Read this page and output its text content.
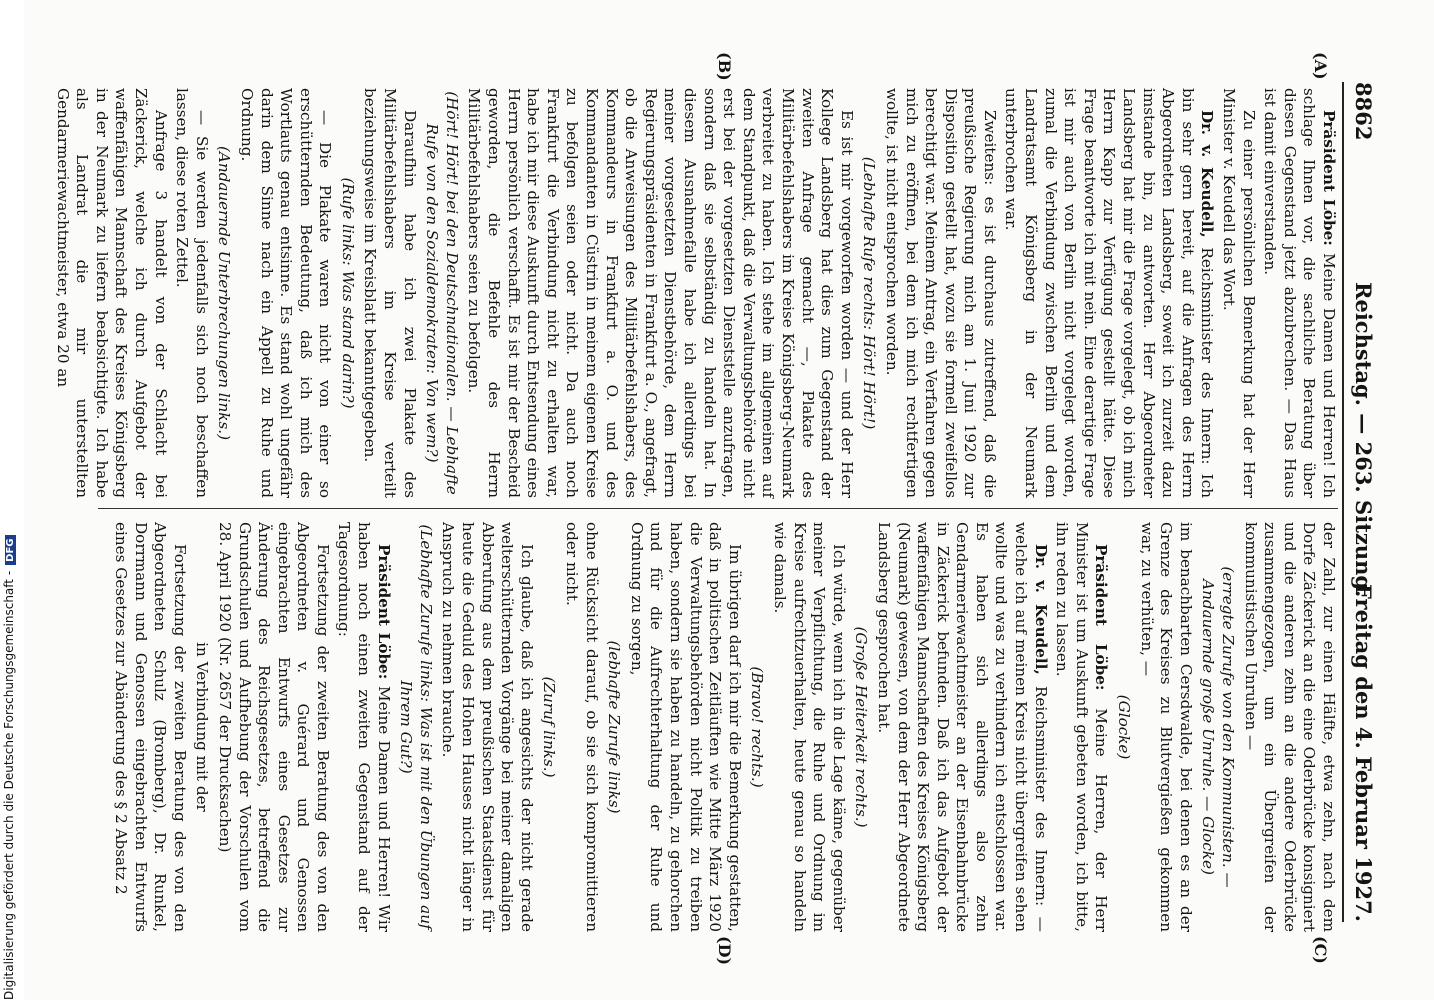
8862
Reichstag. — 263. Sitzung.
Freitag den 4. Februar 1927.
(A)
(B)
(C)
(D)

Präsident Löbe: Meine Damen und Herren! Ich schlage Ihnen vor, die sachliche Beratung über diesen Gegenstand jetzt abzubrechen. — Das Haus ist damit einverstanden.

Zu einer persönlichen Bemerkung hat der Herr Minister v. Keudell das Wort.

Dr. v. Keudell, Reichsminister des Innern: Ich bin sehr gern bereit, auf die Anfragen des Herrn Abgeordneten Landsberg, soweit ich zurzeit dazu imstande bin, zu antworten. Herr Abgeordneter Landsberg hat mir die Frage vorgelegt, ob ich mich Herrn Kapp zur Verfügung gestellt hätte. Diese Frage beantworte ich mit nein. Eine derartige Frage ist mir auch von Berlin nicht vorgelegt worden, zumal die Verbindung zwischen Berlin und dem Landratsamt Königsberg in der Neumark unterbrochen war.

Zweitens: es ist durchaus zutreffend, daß die preußische Regierung mich am 1. Juni 1920 zur Disposition gestellt hat, wozu sie formell zweifellos berechtigt war. Meinem Antrag, ein Verfahren gegen mich zu eröffnen, bei dem ich mich rechtfertigen wollte, ist nicht entsprochen worden.

(Lebhafte Rufe rechts: Hört! Hört!)

Es ist mir vorgeworfen worden — und der Herr Kollege Landsberg hat dies zum Gegenstand der zweiten Anfrage gemacht —, Plakate des Militärbefehlshabers im Kreise Königsberg-Neumark verbreitet zu haben. Ich stehe im allgemeinen auf dem Standpunkt, daß die Verwaltungsbehörde nicht erst bei der vorgesetzten Dienststelle anzufragen, sondern daß sie selbständig zu handeln hat. In diesem Ausnahmefalle habe ich allerdings bei meiner vorgesetzten Dienstbehörde, dem Herrn Regierungspräsidenten in Frankfurt a. O., angefragt, ob die Anweisungen des Militärbefehlshabers, des Kommandeurs in Frankfurt a. O. und des Kommandanten in Cüstrin in meinem eigenen Kreise zu befolgen seien oder nicht. Da auch noch Frankfurt die Verbindung nicht zu erhalten war, habe ich mir diese Auskunft durch Entsendung eines Herrn persönlich verschafft. Es ist mir der Bescheid geworden, die Befehle des Herrn Militärbefehlshabers seien zu befolgen.

(Hört! Hört! bei den Deutschnationalen. — Lebhafte Rufe von den Sozialdemokraten: Von wem?)

Daraufhin habe ich zwei Plakate des Militärbefehlshabers im Kreise verteilt beziehungsweise im Kreisblatt bekanntgegeben.

(Rufe links: Was stand darin?)

— Die Plakate waren nicht von einer so erschütternden Bedeutung, daß ich mich des Wortlauts genau entsinne. Es stand wohl ungefähr darin dem Sinne nach ein Appell zu Ruhe und Ordnung.

(Andauernde Unterbrechungen links.)

— Sie werden jedenfalls sich noch beschaffen lassen, diese roten Zettel.

Anfrage 3 handelt von der Schlacht bei Zäckerick, welche ich durch Aufgebot der waffenfähigen Mannschaft des Kreises Königsberg in der Neumark zu liefern beabsichtigte. Ich habe als Landrat die mir unterstellten Gendarmeriewachtmeister, etwa 20 an

der Zahl, zur einen Hälfte, etwa zehn, nach dem Dorfe Zäckerick an die eine Oderbrücke konsigniert und die anderen zehn an die andere Oderbrücke zusammengezogen, um ein Übergreifen der kommunistischen Unruhen —

(erregte Zurufe von den Kommunisten. — Andauernde große Unruhe. — Glocke)

im benachbarten Cersdwalde, bei denen es an der Grenze des Kreises zu Blutvergießen gekommen war, zu verhüten, —

(Glocke)

Präsident Löbe: Meine Herren, der Herr Minister ist um Auskunft gebeten worden, ich bitte, ihn reden zu lassen.

Dr. v. Keudell, Reichsminister des Innern: — welche ich auf meinen Kreis nicht übergreifen sehen wollte und was zu verhindern ich entschlossen war. Es haben sich allerdings also zehn Gendarmeriewachtmeister an der Eisenbahnbrücke in Zäckerick befunden. Daß ich das Aufgebot der waffenfähigen Mannschaften des Kreises Königsberg (Neumark) gewesen, von dem der Herr Abgeordnete Landsberg gesprochen hat.

(Große Heiterkeit rechts.)

Ich würde, wenn ich in die Lage käme, gegenüber meiner Verpflichtung, die Ruhe und Ordnung im Kreise aufrechtzuerhalten, heute genau so handeln wie damals.

(Bravo! rechts.)

Im übrigen darf ich mir die Bemerkung gestatten, daß in politischen Zeitläuften wie Mitte März 1920 die Verwaltungsbehörden nicht Politik zu treiben haben, sondern sie haben zu handeln, zu gehorchen und für die Aufrechterhaltung der Ruhe und Ordnung zu sorgen,

(lebhafte Zurufe links)

ohne Rücksicht darauf, ob sie sich kompromittieren oder nicht.

(Zuruf links.)

Ich glaube, daß ich angesichts der nicht gerade welterschütternden Vorgänge bei meiner damaligen Abberufung aus dem preußischen Staatsdienst für heute die Geduld des Hohen Hauses nicht länger in Anspruch zu nehmen brauche.

(Lebhafte Zurufe links: Was ist mit den Übungen auf Ihrem Gut?)

Präsident Löbe: Meine Damen und Herren! Wir haben noch einen zweiten Gegenstand auf der Tagesordnung:

Fortsetzung der zweiten Beratung des von den Abgeordneten v. Guérard und Genossen eingebrachten Entwurfs eines Gesetzes zur Änderung des Reichsgesetzes, betreffend die Grundschulen und Aufhebung der Vorschulen vom 28. April 1920 (Nr. 2657 der Drucksachen)

in Verbindung mit der

Fortsetzung der zweiten Beratung des von den Abgeordneten Schulz (Bromberg), Dr. Runkel, Dorrmann und Genossen eingebrachten Entwurfs eines Gesetzes zur Abänderung des § 2 Absatz 2

Digitalisierung gefördert durch die Deutsche Forschungsgemeinschaft -DFG
